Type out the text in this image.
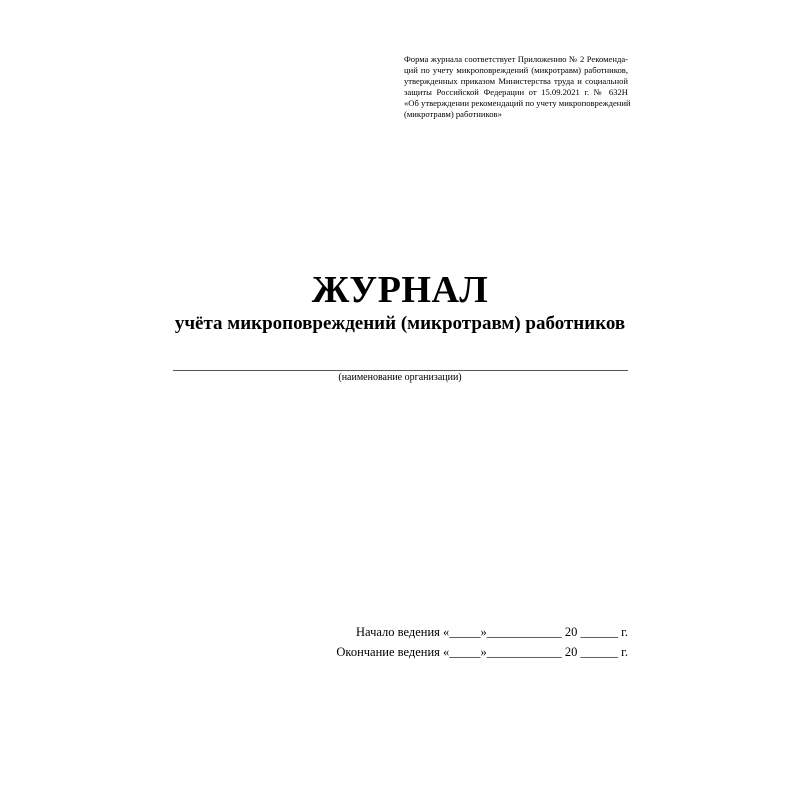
Форма журнала соответствует Приложению № 2 Рекоменда-
ций по учету микроповреждений (микротравм) работников,
утвержденных приказом Министерства труда и социальной
защиты Российской Федерации от 15.09.2021 г. № 632Н
«Об утверждении рекомендаций по учету микроповреждений
(микротравм) работников»
ЖУРНАЛ
учёта микроповреждений (микротравм) работников
(наименование организации)
Начало ведения «_____»____________ 20 ______ г.
Окончание ведения «_____»____________ 20 ______ г.
